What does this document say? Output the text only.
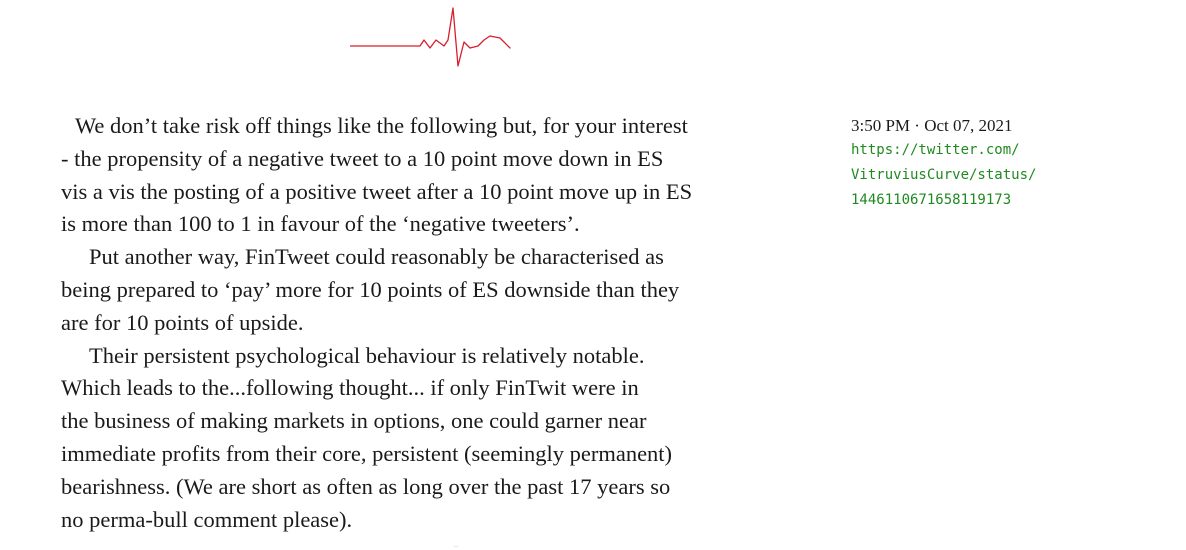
We don’t take risk off things like the following but, for your interest
- the propensity of a negative tweet to a 10 point move down in ES
vis a vis the posting of a positive tweet after a 10 point move up in ES
is more than 100 to 1 in favour of the ‘negative tweeters’.

Put another way, FinTweet could reasonably be characterised as
being prepared to ‘pay’ more for 10 points of ES downside than they
are for 10 points of upside.

Their persistent psychological behaviour is relatively notable.
Which leads to the...following thought... if only FinTwit were in
the business of making markets in options, one could garner near
immediate profits from their core, persistent (seemingly permanent)
bearishness. (We are short as often as long over the past 17 years so
no perma-bull comment please).

3:50 PM · Oct 07, 2021
https://twitter.com/
VitruviusCurve/status/
1446110671658119173
